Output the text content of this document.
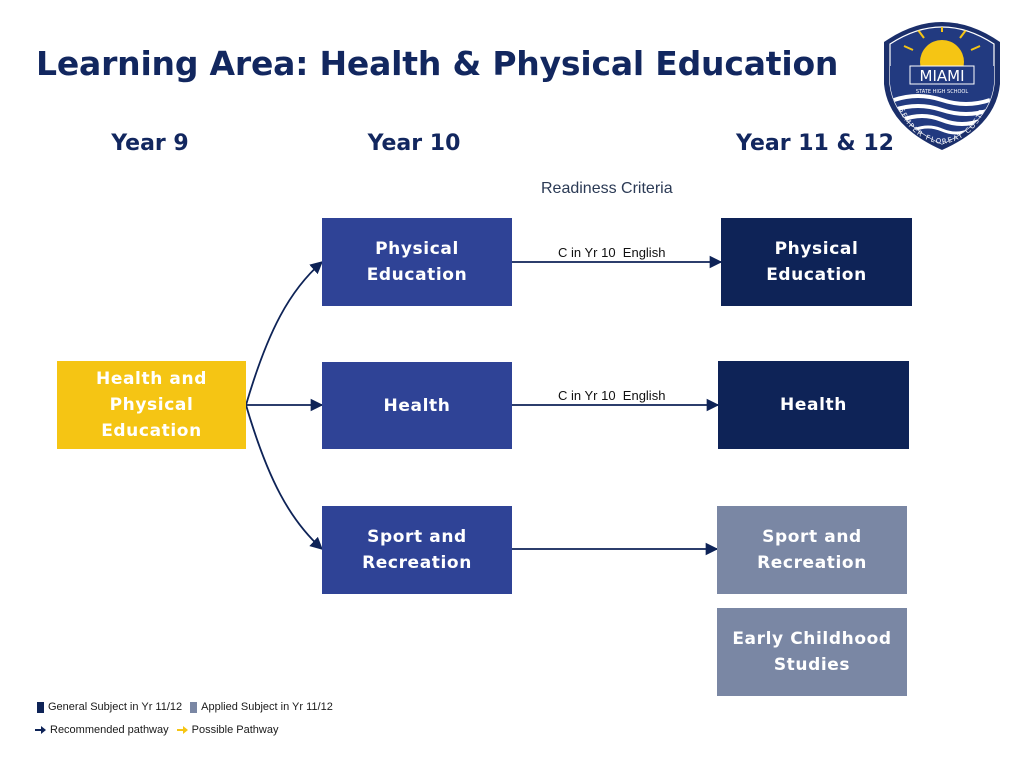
Learning Area: Health & Physical Education	MIAMI
STATE HIGH SCHOOL
SEMPER FLOREAT COSTA
Year 9	Year 10	Year 11 & 12
Readiness Criteria
C in Yr 10  English
C in Yr 10  English
Health and
Physical
Education
Physical
Education
Health
Sport and
Recreation
Physical
Education
Health
Sport and
Recreation
Early Childhood
Studies
General Subject in Yr 11/12 Applied Subject in Yr 11/12
Recommended pathway Possible Pathway
